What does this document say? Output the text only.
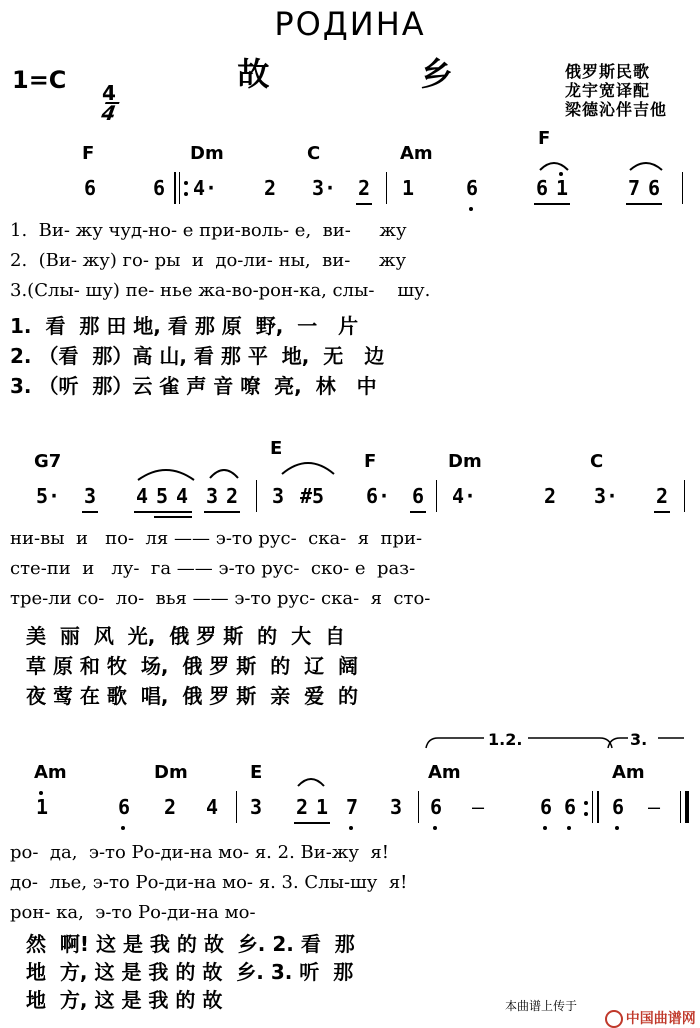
РОДИНА
故 乡
1=C	4
4

俄罗斯民歌
龙宇宽译配
梁德沁伴吉他
F	Dm	C	Am
F
6	6 4· 2 3· 2 1	6	6 1	7 6
1.  Ви- жу чуд-но- е при-воль- е,  ви-     жу
2.  (Ви- жу) го- ры  и  до-ли- ны,  ви-     жу
3.(Слы- шу) пе- нье жа-во-рон-ка, слы-    шу.
1.  看  那 田 地, 看 那 原  野,  一   片
2. （看  那）高 山, 看 那 平  地,  无   边
3. （听  那）云 雀 声 音 嘹  亮,  林   中
G7
E
F	Dm	C
5· 3 4 5 4 3 2 3 #5 6· 6 4·	2 3· 2
ни-вы  и   по-  ля —— э-то рус-  ска-  я  при-
сте-пи  и   лу-  га —— э-то рус-  ско- е  раз-
тре-ли со-  ло-  вья —— э-то рус- ска-  я  сто-
美  丽  风  光,  俄 罗 斯  的  大  自
草 原 和 牧  场,  俄 罗 斯  的  辽  阔
夜 莺 在 歌  唱,  俄 罗 斯  亲  爱  的
1.2.	3.
Am	Dm	E	Am	Am
1	6 2 4 3 2 1 7 3 6 —	6 6 6 —
ро-  да,  э-то Ро-ди-на мо- я. 2. Ви-жу  я!
до-  лье, э-то Ро-ди-на мо- я. 3. Слы-шу  я!
рон- ка,  э-то Ро-ди-на мо-
然  啊! 这 是 我 的 故  乡. 2. 看  那
地  方, 这 是 我 的 故  乡. 3. 听  那
地  方, 这 是 我 的 故	本曲谱上传于

中国曲谱网
